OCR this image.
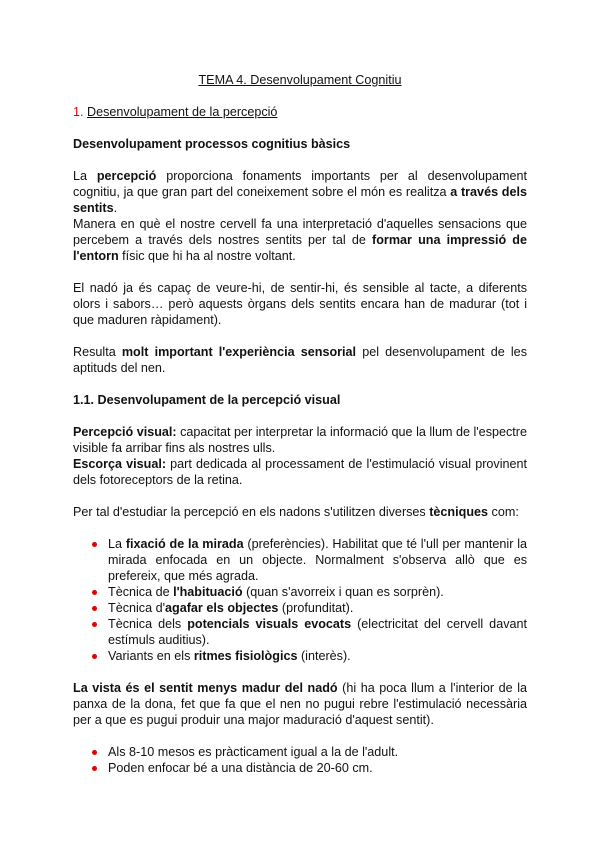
TEMA 4. Desenvolupament Cognitiu
1. Desenvolupament de la percepció
Desenvolupament processos cognitius bàsics

La percepció proporciona fonaments importants per al desenvolupament cognitiu, ja que gran part del coneixement sobre el món es realitza a través dels sentits.

Manera en què el nostre cervell fa una interpretació d'aquelles sensacions que percebem a través dels nostres sentits per tal de formar una impressió de l'entorn físic que hi ha al nostre voltant.

El nadó ja és capaç de veure-hi, de sentir-hi, és sensible al tacte, a diferents olors i sabors… però aquests òrgans dels sentits encara han de madurar (tot i que maduren ràpidament).

Resulta molt important l'experiència sensorial pel desenvolupament de les aptituds del nen.

1.1. Desenvolupament de la percepció visual

Percepció visual: capacitat per interpretar la informació que la llum de l'espectre visible fa arribar fins als nostres ulls.

Escorça visual: part dedicada al processament de l'estimulació visual provinent dels fotoreceptors de la retina.

Per tal d'estudiar la percepció en els nadons s'utilitzen diverses tècniques com:

La fixació de la mirada (preferències). Habilitat que té l'ull per mantenir la mirada enfocada en un objecte. Normalment s'observa allò que es prefereix, que més agrada.
Tècnica de l'habituació (quan s'avorreix i quan es sorprèn).
Tècnica d'agafar els objectes (profunditat).
Tècnica dels potencials visuals evocats (electricitat del cervell davant estímuls auditius).
Variants en els ritmes fisiològics (interès).

La vista és el sentit menys madur del nadó (hi ha poca llum a l'interior de la panxa de la dona, fet que fa que el nen no pugui rebre l'estimulació necessària per a que es pugui produir una major maduració d'aquest sentit).

Als 8-10 mesos es pràcticament igual a la de l'adult.
Poden enfocar bé a una distància de 20-60 cm.
